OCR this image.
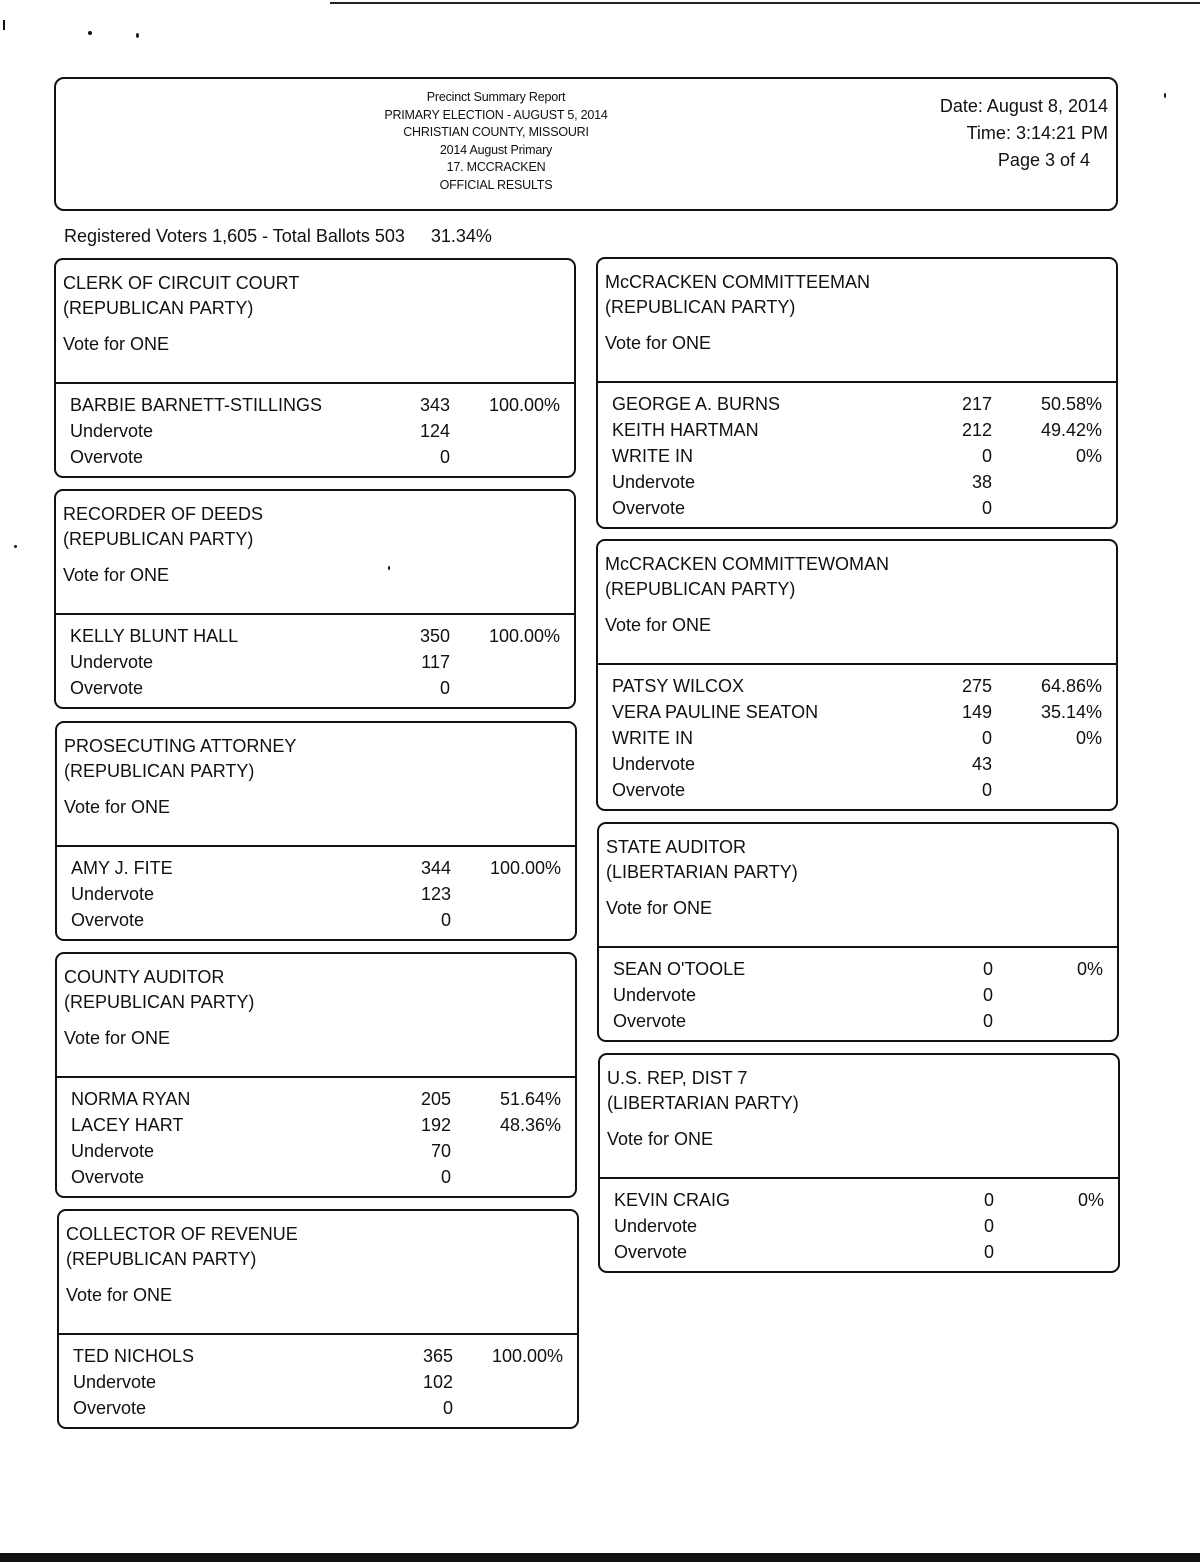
Precinct Summary Report
PRIMARY ELECTION - AUGUST 5, 2014
CHRISTIAN COUNTY, MISSOURI
2014 August Primary
17. MCCRACKEN
OFFICIAL RESULTS
Date: August 8, 2014
Time: 3:14:21 PM
Page 3 of 4
Registered Voters 1,605 - Total Ballots 503 31.34%
CLERK OF CIRCUIT COURT
(REPUBLICAN PARTY)
Vote for ONE
BARBIE BARNETT-STILLINGS	343	100.00%
Undervote	124
Overvote	0
RECORDER OF DEEDS
(REPUBLICAN PARTY)
Vote for ONE
KELLY BLUNT HALL	350	100.00%
Undervote	117
Overvote	0
PROSECUTING ATTORNEY
(REPUBLICAN PARTY)
Vote for ONE
AMY J. FITE	344	100.00%
Undervote	123
Overvote	0
COUNTY AUDITOR
(REPUBLICAN PARTY)
Vote for ONE
NORMA RYAN	205	51.64%
LACEY HART	192	48.36%
Undervote	70
Overvote	0
COLLECTOR OF REVENUE
(REPUBLICAN PARTY)
Vote for ONE
TED NICHOLS	365	100.00%
Undervote	102
Overvote	0
McCRACKEN COMMITTEEMAN
(REPUBLICAN PARTY)
Vote for ONE
GEORGE A. BURNS	217	50.58%
KEITH HARTMAN	212	49.42%
WRITE IN	0	0%
Undervote	38
Overvote	0
McCRACKEN COMMITTEWOMAN
(REPUBLICAN PARTY)
Vote for ONE
PATSY WILCOX	275	64.86%
VERA PAULINE SEATON	149	35.14%
WRITE IN	0	0%
Undervote	43
Overvote	0
STATE AUDITOR
(LIBERTARIAN PARTY)
Vote for ONE
SEAN O'TOOLE	0	0%
Undervote	0
Overvote	0
U.S. REP, DIST 7
(LIBERTARIAN PARTY)
Vote for ONE
KEVIN CRAIG	0	0%
Undervote	0
Overvote	0
